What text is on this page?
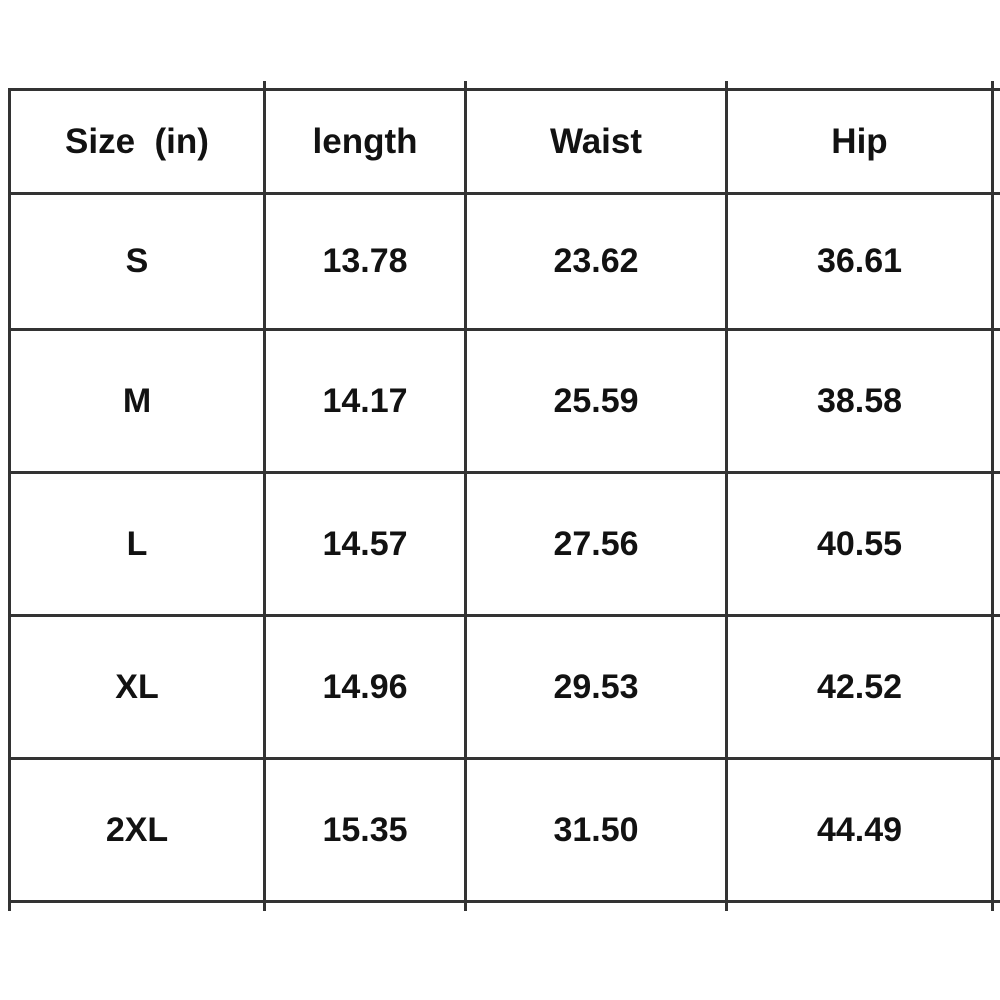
Size  (in)	length	Waist	Hip
S	13.78	23.62	36.61
M	14.17	25.59	38.58
L	14.57	27.56	40.55
XL	14.96	29.53	42.52
2XL	15.35	31.50	44.49
